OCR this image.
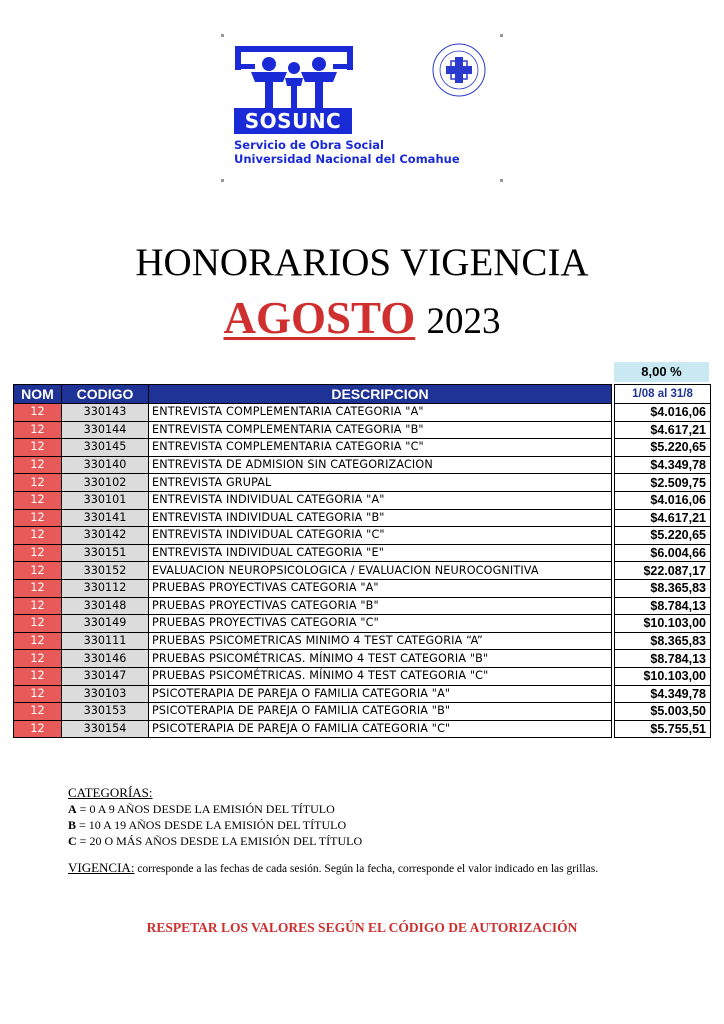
SOSUNC
Servicio de Obra Social
Universidad Nacional del Comahue
HONORARIOS VIGENCIA
AGOSTO 2023
8,00 %
NOM	CODIGO	DESCRIPCION		1/08 al 31/8
12	330143	ENTREVISTA COMPLEMENTARIA CATEGORIA "A"		$4.016,06
12	330144	ENTREVISTA COMPLEMENTARIA CATEGORIA "B"		$4.617,21
12	330145	ENTREVISTA COMPLEMENTARIA CATEGORIA "C"		$5.220,65
12	330140	ENTREVISTA DE ADMISION SIN CATEGORIZACION		$4.349,78
12	330102	ENTREVISTA GRUPAL		$2.509,75
12	330101	ENTREVISTA INDIVIDUAL CATEGORIA "A"		$4.016,06
12	330141	ENTREVISTA INDIVIDUAL CATEGORIA "B"		$4.617,21
12	330142	ENTREVISTA INDIVIDUAL CATEGORIA "C"		$5.220,65
12	330151	ENTREVISTA INDIVIDUAL CATEGORIA "E"		$6.004,66
12	330152	EVALUACION NEUROPSICOLOGICA / EVALUACION NEUROCOGNITIVA		$22.087,17
12	330112	PRUEBAS PROYECTIVAS CATEGORIA "A"		$8.365,83
12	330148	PRUEBAS PROYECTIVAS CATEGORIA "B"		$8.784,13
12	330149	PRUEBAS PROYECTIVAS CATEGORIA "C"		$10.103,00
12	330111	PRUEBAS PSICOMETRICAS MINIMO 4 TEST CATEGORIA “A”		$8.365,83
12	330146	PRUEBAS PSICOMÉTRICAS. MÍNIMO 4 TEST CATEGORIA "B"		$8.784,13
12	330147	PRUEBAS PSICOMÉTRICAS. MÍNIMO 4 TEST CATEGORIA "C"		$10.103,00
12	330103	PSICOTERAPIA DE PAREJA O FAMILIA CATEGORIA "A"		$4.349,78
12	330153	PSICOTERAPIA DE PAREJA O FAMILIA CATEGORIA "B"		$5.003,50
12	330154	PSICOTERAPIA DE PAREJA O FAMILIA CATEGORIA "C"		$5.755,51
CATEGORÍAS:
A = 0 A 9 AÑOS DESDE LA EMISIÓN DEL TÍTULO
B = 10 A 19 AÑOS DESDE LA EMISIÓN DEL TÍTULO
C = 20 O MÁS AÑOS DESDE LA EMISIÓN DEL TÍTULO
VIGENCIA: corresponde a las fechas de cada sesión. Según la fecha, corresponde el valor indicado en las grillas.
RESPETAR LOS VALORES SEGÚN EL CÓDIGO DE AUTORIZACIÓN
